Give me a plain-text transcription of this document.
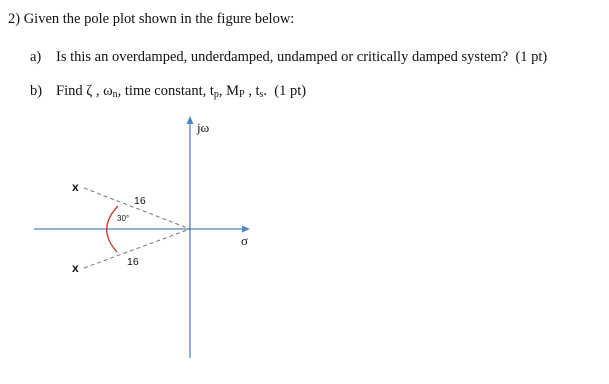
2) Given the pole plot shown in the figure below:
a) Is this an overdamped, underdamped, undamped or critically damped system? (1 pt)
b) Find ζ , $\omega_n$, time constant, $t_p$, $M_P$ , $t_s$. (1 pt)
x
x
jω
σ
16
16
30°
